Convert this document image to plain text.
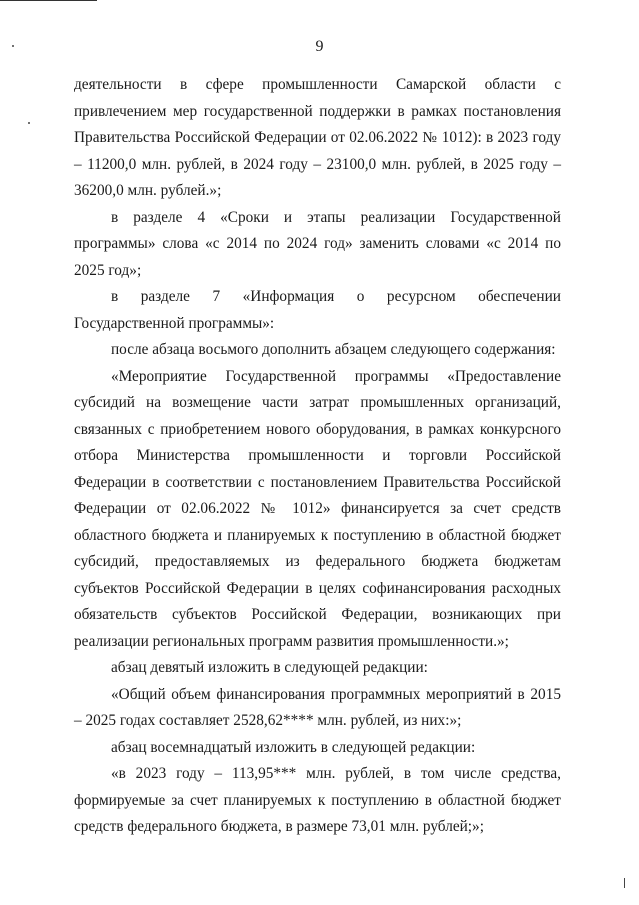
9

деятельности в сфере промышленности Самарской области с привлечением мер государственной поддержки в рамках постановления Правительства Российской Федерации от 02.06.2022 № 1012): в 2023 году – 11200,0 млн. рублей, в 2024 году – 23100,0 млн. рублей, в 2025 году – 36200,0 млн. рублей.»;

в разделе 4 «Сроки и этапы реализации Государственной программы» слова «с 2014 по 2024 год» заменить словами «с 2014 по 2025 год»;

в разделе 7 «Информация о ресурсном обеспечении Государственной программы»:

после абзаца восьмого дополнить абзацем следующего содержания:

«Мероприятие Государственной программы «Предоставление субсидий на возмещение части затрат промышленных организаций, связанных с приобретением нового оборудования, в рамках конкурсного отбора Министерства промышленности и торговли Российской Федерации в соответствии с постановлением Правительства Российской Федерации от 02.06.2022 № 1012» финансируется за счет средств областного бюджета и планируемых к поступлению в областной бюджет субсидий, предоставляемых из федерального бюджета бюджетам субъектов Российской Федерации в целях софинансирования расходных обязательств субъектов Российской Федерации, возникающих при реализации региональных программ развития промышленности.»;

абзац девятый изложить в следующей редакции:

«Общий объем финансирования программных мероприятий в 2015 – 2025 годах составляет 2528,62**** млн. рублей, из них:»;

абзац восемнадцатый изложить в следующей редакции:

«в 2023 году – 113,95*** млн. рублей, в том числе средства, формируемые за счет планируемых к поступлению в областной бюджет средств федерального бюджета, в размере 73,01 млн. рублей;»;
